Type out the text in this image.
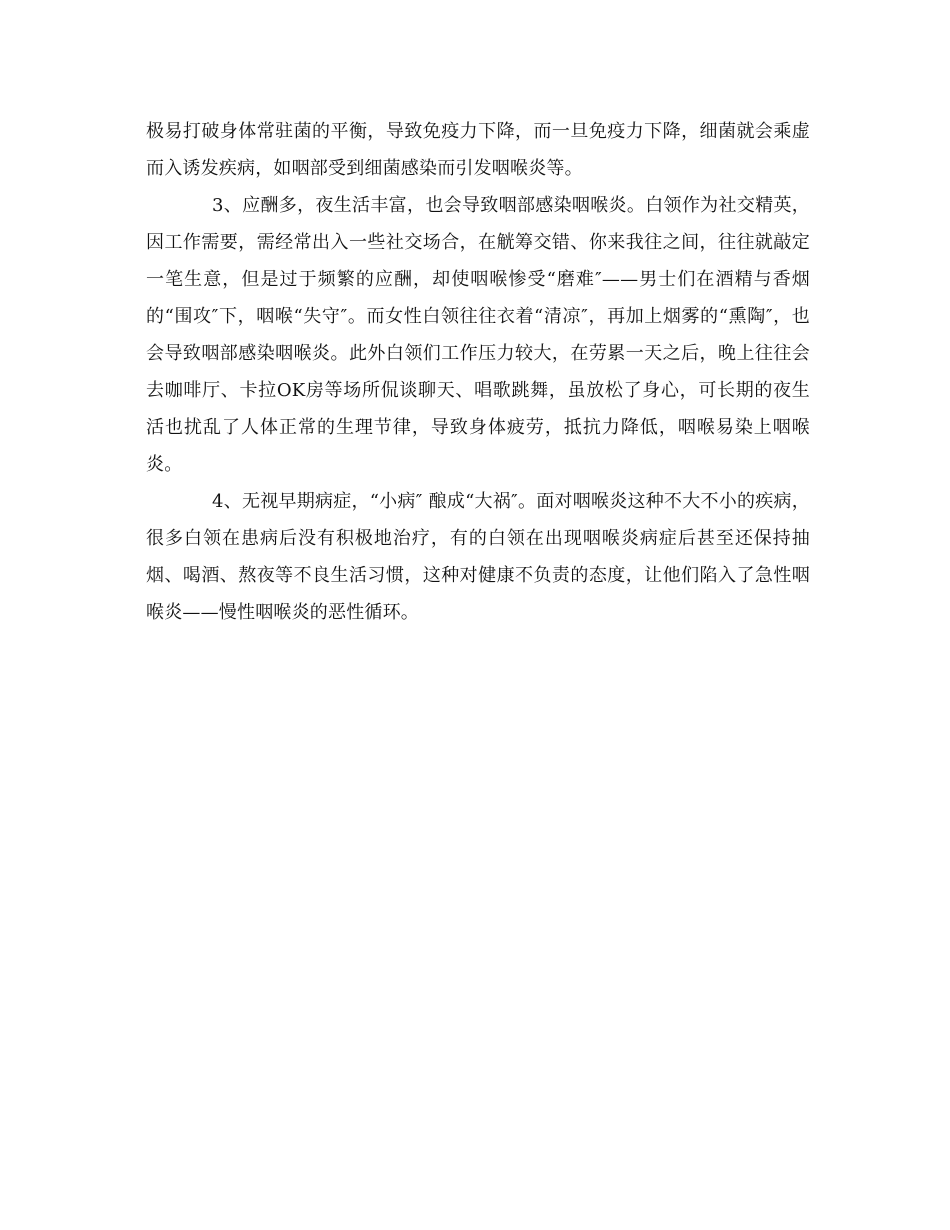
极易打破身体常驻菌的平衡，导致免疫力下降，而一旦免疫力下降，细菌就会乘虚而入诱发疾病，如咽部受到细菌感染而引发咽喉炎等。

3、应酬多，夜生活丰富，也会导致咽部感染咽喉炎。白领作为社交精英，因工作需要，需经常出入一些社交场合，在觥筹交错、你来我往之间，往往就敲定一笔生意，但是过于频繁的应酬，却使咽喉惨受“磨难″——男士们在酒精与香烟的“围攻″下，咽喉“失守″。而女性白领往往衣着“清凉″，再加上烟雾的“熏陶″，也会导致咽部感染咽喉炎。此外白领们工作压力较大，在劳累一天之后，晚上往往会去咖啡厅、卡拉OK房等场所侃谈聊天、唱歌跳舞，虽放松了身心，可长期的夜生活也扰乱了人体正常的生理节律，导致身体疲劳，抵抗力降低，咽喉易染上咽喉炎。

4、无视早期病症，“小病″ 酿成“大祸″。面对咽喉炎这种不大不小的疾病，很多白领在患病后没有积极地治疗，有的白领在出现咽喉炎病症后甚至还保持抽烟、喝酒、熬夜等不良生活习惯，这种对健康不负责的态度，让他们陷入了急性咽喉炎——慢性咽喉炎的恶性循环。
